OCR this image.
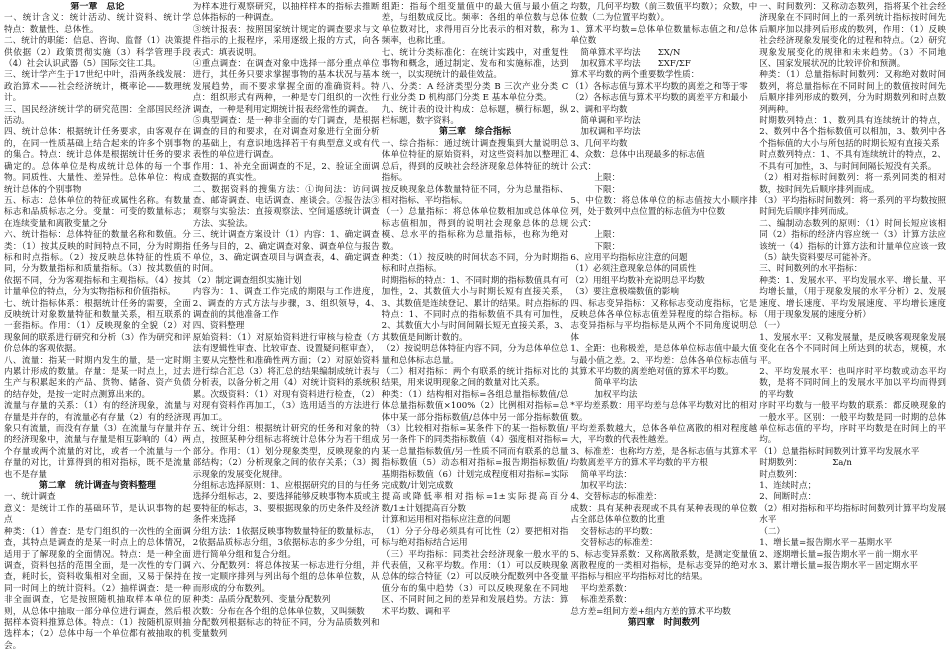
第一章　总论

一、统计含义：统计活动、统计资料、统计学　　特点：数量性、总体性。

二、统计的职能：信息、咨询、监督（1）决策提供依据（2）政策贯彻实施（3）科学管理手段（4）社会认识武器（5）国际交往工具。

三、统计学产生于17世纪中叶，沿两条线发展：政治算术——社会经济统计，概率论——数理统计。

三、国民经济统计学的研究范围：全部国民经济活动。

四、统计总体：根据统计任务要求，由客观存在的，在同一性质基础上结合起来的许多个别事物的集合。特点：统计总体是根据统计任务的要求确定的。总体单位是构成统计总体的每一个事物。同质性、大量性、差异性。总体单位：构成统计总体的个别事物

五、标志：总体单位的特征或属性名称。有数量标志和品质标志之分。变量：可变的数量标志；在连续变量和离散变量之分

六、统计指标：总体特征的数量名称和数值。分类：（1）按其反映的时间特点不同，分为时期指标和时点指标。（2）按反映总体特征的性质不同，分为数量指标和质量指标。（3）按其数值的依据不同，分为客观指标和主观指标。（4）按其计量单位的特点，分为实物指标和价值指标。

七、统计指标体系：根据统计任务的需要，全面反映统计对象数量特征和数量关系，相互联系的一套指标。作用：（1）反映现象的全貌（2）对现象间的联系进行研究和分析（3）作为研究和评价总体的客观依据。

八、流量：指某一时期内发生的量，是一定时期内累计形成的数量。存量：是某一时点上，过去生产与积累起来的产品、货物、储备、资产负债的结存处，是按一定时点测算出来的。

流量与存量的关系：（1）有的经济现象，流量与存量是并存的，有流量必有存量（2）有的经济现象只有流量，而没有存量（3）在流量与存量并存的经济现象中，流量与存量是相互影响的（4）两个存量或两个流量的对比，或者一个流量与一个存量的对比，计算得到的相对指标，既不是流量也不是存量

第二章　统计调查与资料整理

一、统计调查

意义：是统计工作的基础环节，是认识事物的起点

种类：（1）普查：是专门组织的一次性的全面调查，其特点是调查的是某一时点上的总体情况，适用于了解现象的全面情况。特点：是一种全面调查，资料包括的范围全面，是一次性的专门调查，耗时长，资料收集相对全面，又易于保持在同一时间上的统计资料。（2）抽样调查：是一种非全面调查，它是按照随机抽取样本单位的原则，从总体中抽取一部分单位进行调查，然后根据样本资料推算总体。特点：（1）按随机原则抽选样本；（2）总体中每一个单位都有被抽取的机会。

为样本进行观察研究，以抽样样本的指标去推断总体指标的一种调查。

③统计报表：按照国家统计规定的调查要求与文件指示的上报程序，采用逐级上报的方式，向各　　　表式：填表说明。

④重点调查：在调查对象中选择一部分重点单位进行，其任务只要求掌握事物的基本状况与基本发展趋势，而不要求掌握全面的准确资料。特点：组织形式有两种，一种是专门组织的一次性调查，一种是利用定期统计报表经常性的调查。

⑤典型调查：是一种非全面的专门调查，是根据调查的目的和要求，在对调查对象进行全面分析的基础上，有意识地选择若干有典型意义或有代表性的单位进行调查。

作用：1、补充全面调查的不足，2、验证全面调查数据的真实性。

二、数据资料的搜集方法：①询问法：访问调查、邮寄调查、电话调查、座谈会。②报告法③观察与实验法：直接观察法、空间遥感统计调查方法、实验法。

三、统计调查方案设计（1）内容：1、确定调查任务与目的，2、确定调查对象、调查单位与报告单位，3、确定调查项目与调查表，4、确定调查时间。

（2）制定调查组织实施计划

内容为：1、调查工作完成的期限与工作进度，2、调查的方式方法与步骤，3、组织领导，4、调查前的其他准备工作

四、资料整理

原始资料：（1）对原始资料进行审核与检查（方法有逻辑性审查、比较审查、设置疑问框审查），主要从完整性和准确性两方面；（2）对原始资料进行综合汇总（3）将汇总的结果编制成统计表与分析表，以备分析之用（4）对统计资料的系统积累。次级资料：（1）对现有资料进行检查，（2）对现有资料作再加工，（3）选用适当的方法进行再加工。

五、统计分组：根据统计研究的任务和对象的特点，按照某种分组标志将统计总体分为若干组成部分。作用：（1）划分现象类型，反映现象的内部结构；（2）分析现象之间的依存关系；（3）揭示现象的发展变化规律。

分组标志选择原则：1、应根据研究的目的与任务选择分组标志，2、要选择能够反映事物本质或主要特征的标志，3、要根据现象的历史条件及经济条件来选择

分组方法：1依据反映事物数量特征的数量标志，2依据品质标志分组，3依据标志的多少分组，可进行简单分组和复合分组。

六、分配数列：将总体按某一标志进行分组，并按一定顺序排列与列出每个组的总体单位数，从而形成的分布数列。

种类：品质分配数列、变量分配数列

次数：分布在各个组的总体单位数，又叫频数

分配数列根据标志的特征不同，分为品质数列和变量数列

组距：指每个组变量值中的最大值与最小值之差，与组数成反比。频率：各组的单位数与总体单位数对比，求得用百分比表示的相对数，称为频率，也称比重。

七、统计分类标准化：在统计实践中，对重复性事物和概念，通过制定、发布和实施标准，达到统一，以实现统计的最佳效益。

八、分类：A 经济类型分类 B 三次产业分类 C 行业分类 D 机构部门分类 E 基本单位分类。

九、统计表的设计构成：总标题，横行标题，纵栏标题，数字资料。

第三章　综合指标

一、综合指标：通过统计调查搜集到大量说明总体单位特征的原始资料，对这些资料加以整理汇总后，得到的反映社会经济现象总体特征的统计指标。

按反映现象总体数量特征不同，分为总量指标、相对指标、平均指标。

（一）总量指标：将总体单位数相加或总体单位标志值相加，得到的说明社会现象总体的总规模、总水平的指标称为总量指标，也称为绝对数。

种类：（1）按反映的时间状态不同，分为时期指标和时点指标。

时期指标的特点：1、不同时期的指标数值具有可加性，2、其数值大小与时期长短有直接关系，3、其数值是连续登记、累计的结果。时点指标的特点：1、不同时点的指标数值不具有可加性，2、其数值大小与时间间隔长短无直接关系，3、其数值是间断计数的。

（2）按说明总体特征内容不同，分为总体单位总量和总体标志总量。

（二）相对指标：两个有联系的统计指标对比的结果，用来说明现象之间的数量对比关系。

种类：（1）结构相对指标=各组总量指标数值/总体总量指标数值×100%（2）比例相对指标=总体中某一部分指标数值/总体中另一部分指标数值（3）比较相对指标=某条件下的某一指标数值/另一条件下的同类指标数值（4）强度相对指标=某一总量指标数值/另一性质不同而有联系的总量指标数值（5）动态相对指标=报告期指标数值/基期指标数值（6）计划完成程度相对指标=实际完成数/计划完成数

提高或降低率相对指标=1±实际提高百分数/1±计划提高百分数

计算和运用相对指标应注意的问题

（1）分子分母必须具有可比性（2）要把相对指标与绝对指标结合运用

（三）平均指标：同类社会经济现象一般水平的代表值，又称平均数。作用：（1）可以反映现象总体的综合特征（2）可以反映分配数列中各变量值分布的集中趋势（3）可以反映现象在不同地区、不同时间之间的差异和发展趋势。方法：算术平均数、调和平

均数，几何平均数（前三数值平均数）；众数，中位数（二为位置平均数）。

1、算术平均数=总体单位数量标志值之和/总体单位数

简单算术平均法　　ΣX/N

加权算术平均法　　ΣXF/ΣF

算术平均数的两个重要数学性质：

（1）各标志值与算术平均数的离差之和等于零

（2）各标志值与算术平均数的离差平方和最小

2、调和平均数

简单调和平均法

加权调和平均法

3、几何平均数

4、众数：总体中出现最多的标志值

公式：

上限：

下限：

5、中位数：将总体单位的标志值按大小顺序排列，处于数列中点位置的标志值为中位数

公式：

上限：

下限：

6、应用平均指标应注意的问题

（1）必须注意现象总体的同质性

（2）用组平均数补充说明总平均数

（3）要注意极端数值的影响

四、标志变异指标：又称标志变动度指标，它是反映总体各单位标志值差异程度的综合指标。标志变异指标与平均指标是从两个不同角度说明总体

1、全距：也称极差，是总体单位标志值中最大值与最小值之差。2、平均差：总体各单位标志值与其算术平均数的离差绝对值的算术平均数。

简单平均法

加权平均法

*平均差系数：用平均差与总体平均数对比的相对数。

平均差系数越大，总体各单位离散的相对程度越大，平均数的代表性越差。

3、标准差：也称均方差，是各标志值与其算术平均数离差平方的算术平均数的平方根

简单平均法：

加权平均法：

4、交替标志的标准差：

成数：具有某种表现或不具有某种表现的单位数占全部总体单位数的比重

交替标志的平均数：

交替标志的标准差：

5、标志变异系数：又称离散系数，是测定变量值离散程度的一类相对指标，是标志变异的绝对水平指标与相应平均指标对比的结果。

平均差系数：

标准差系数：

总方差=组间方差+组内方差的算术平均数

第四章　时间数列

一、时间数列：又称动态数列，指将某个社会经济现象在不同时间上的一系列统计指标按时间先后顺序加以排列后形成的数列，作用：（1）反映社会经济现象发展变化的过程和特点。（2）研究现象发展变化的规律和未来趋势。（3）不同地区、国家发展状况的比较评价和预测。

种类：（1）总量指标时间数列：又称绝对数时间数列，将总量指标在不同时间上的数值按时间先后顺序排列形成的数列，分为时期数列和时点数列两种。

时期数列特点：1、数列具有连续统计的特点，2、数列中各个指标数值可以相加，3、数列中各个指标值的大小与所包括的时期长短有直接关系

时点数列特点：1、不具有连续统计的特点，2、不具有可加性，3、与时间间隔长短没有关系。

（2）相对指标时间数列：将一系列同类的相对数，按时间先后顺序排列而成。

（3）平均指标时间数列：将一系列的平均数按照时间先后顺序排列而成。

二、编制动态数列的原则：（1）时间长短应该相同（2）指标的经济内容应统一（3）计算方法应该统一（4）指标的计算方法和计量单位应该一致（5）缺失资料要尽可能补齐。

三、时间数列的水平指标：

种类：1、发展水平、平均发展水平、增长量、平均增长量，（用于现象发展的水平分析）2、发展速度、增长速度、平均发展速度、平均增长速度（用于现象发展的速度分析）

（一）

1、发展水平：又称发展量，是反映客观现象发展变化在各个不同时间上所达到的状态，规模，水平。

2、平均发展水平：也叫序时平均数或动态平均数，是将不同时间上的发展水平加以平均而得到的平均数

序时平均数与一般平均数的联系：都反映现象的一般水平。区别：一般平均数是同一时期的总体单位标志值的平均，序时平均数是在时间上的平均。

（1）总量指标时间数列计算平均发展水平

时期数列：　　　　Σa/n

时点数列：

1、连续时点；

2、间断时点：

（2）相对指标和平均指标时间数列计算平均发展水平

（二）

1、增长量=报告期水平－基期水平

2、逐期增长量=报告期水平－前一期水平

3、累计增长量=报告期水平－固定期水平
